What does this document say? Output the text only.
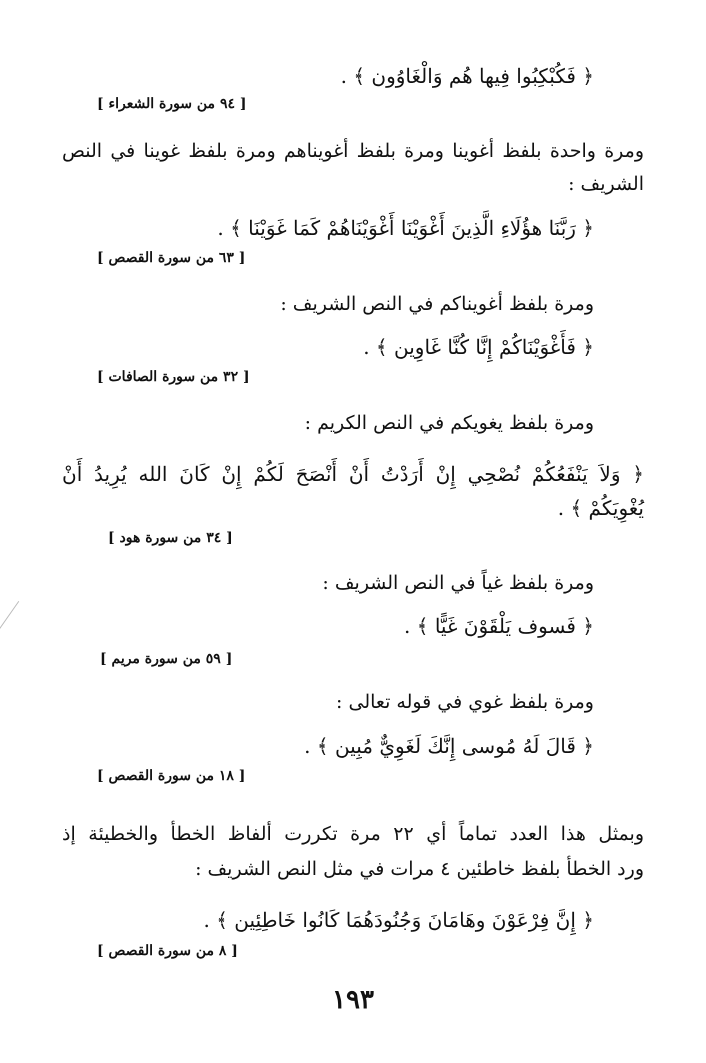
﴿ فَكُبْكِبُوا فِيها هُم وَالْغَاوُون ﴾ .
[ ٩٤ من سورة الشعراء ]
ومرة واحدة بلفظ أغوينا ومرة بلفظ أغويناهم ومرة بلفظ غوينا في النص
الشريف :
﴿ رَبَّنَا هؤُلَاءِ الَّذِينَ أَغْوَيْنَا أَغْوَيْنَاهُمْ كَمَا غَوَيْنَا ﴾ .
[ ٦٣ من سورة القصص ]
ومرة بلفظ أغويناكم في النص الشريف :
﴿ فَأَغْوَيْنَاكُمْ إِنَّا كُنَّا غَاوِين ﴾ .
[ ٣٢ من سورة الصافات ]
ومرة بلفظ يغويكم في النص الكريم :
﴿ وَلاَ يَنْفَعُكُمْ نُصْحِي إِنْ أَرَدْتُ أَنْ أَنْصَحَ لَكُمْ إِنْ كَانَ الله يُرِيدُ أَنْ
يُغْوِيَكُمْ ﴾ .
[ ٣٤ من سورة هود ]
ومرة بلفظ غياً في النص الشريف :
﴿ فَسوف يَلْقَوْنَ غَيًّا ﴾ .
[ ٥٩ من سورة مريم ]
ومرة بلفظ غوي في قوله تعالى :
﴿ قَالَ لَهُ مُوسى إِنَّكَ لَغَوِيٌّ مُبِين ﴾ .
[ ١٨ من سورة القصص ]
وبمثل هذا العدد تماماً أي ٢٢ مرة تكررت ألفاظ الخطأ والخطيئة إذ
ورد الخطأ بلفظ خاطئين ٤ مرات في مثل النص الشريف :
﴿ إِنَّ فِرْعَوْنَ وهَامَانَ وَجُنُودَهُمَا كَانُوا خَاطِئِين ﴾ .
[ ٨ من سورة القصص ]
١٩٣
